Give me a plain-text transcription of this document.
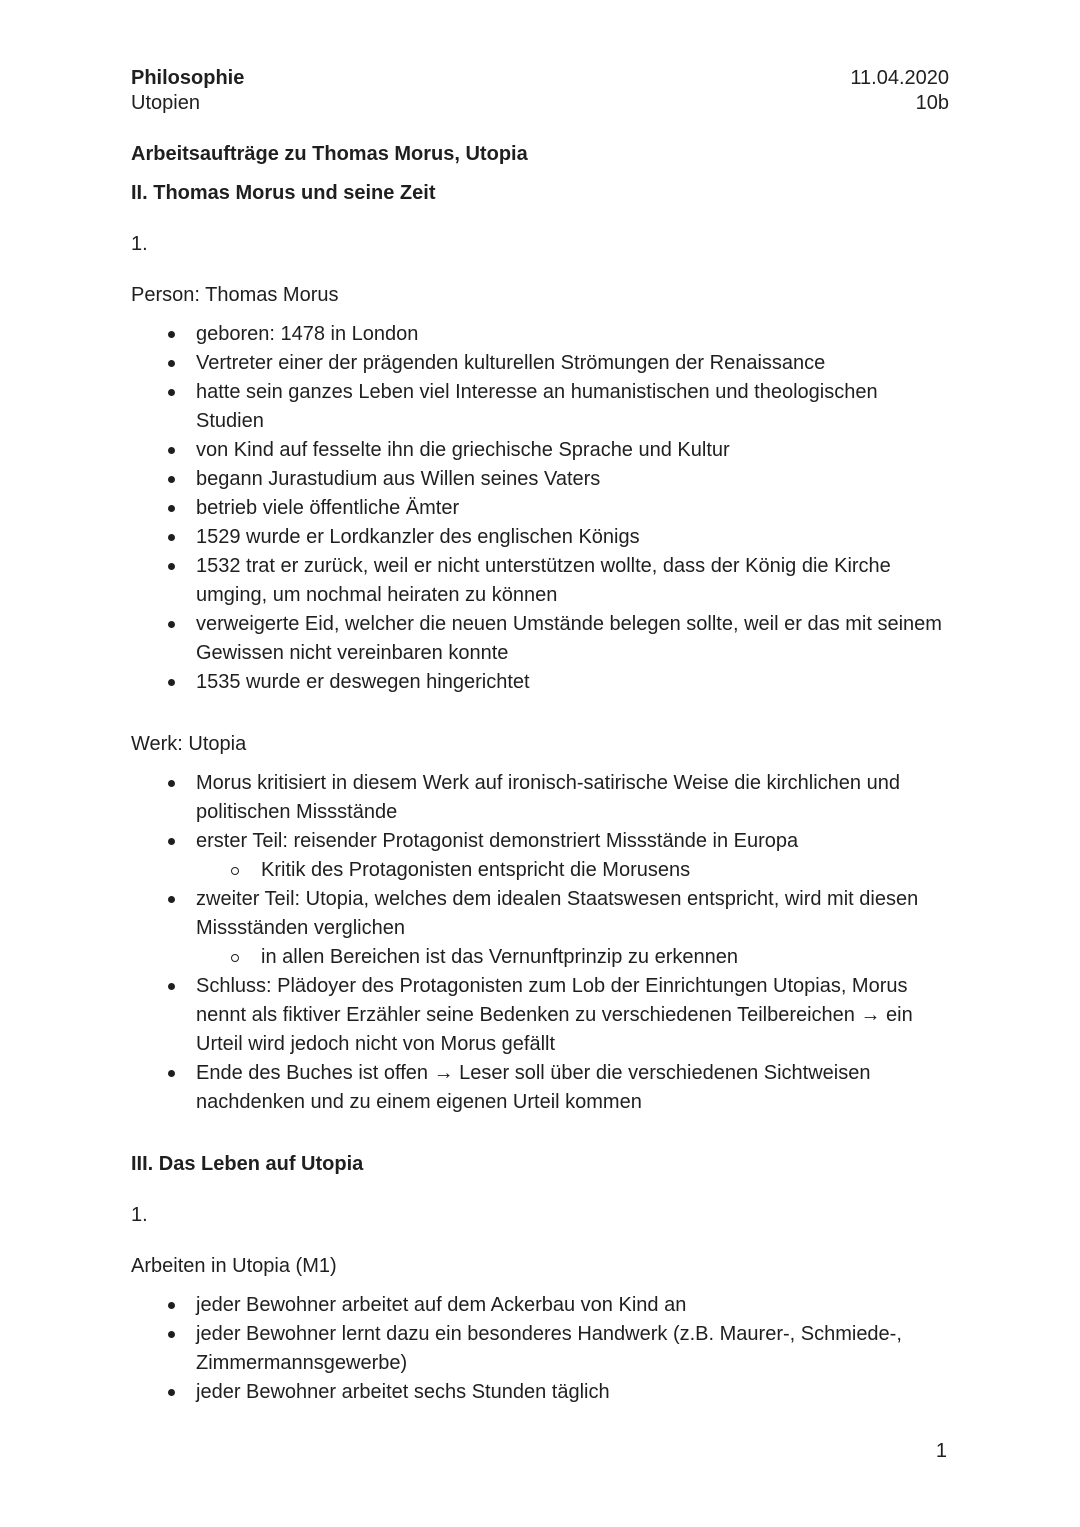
Philosophie	11.04.2020
Utopien	10b
Arbeitsaufträge zu Thomas Morus, Utopia
II. Thomas Morus und seine Zeit
1.
Person: Thomas Morus
geboren: 1478 in London
Vertreter einer der prägenden kulturellen Strömungen der Renaissance
hatte sein ganzes Leben viel Interesse an humanistischen und theologischen Studien
von Kind auf fesselte ihn die griechische Sprache und Kultur
begann Jurastudium aus Willen seines Vaters
betrieb viele öffentliche Ämter
1529 wurde er Lordkanzler des englischen Königs
1532 trat er zurück, weil er nicht unterstützen wollte, dass der König die Kirche umging, um nochmal heiraten zu können
verweigerte Eid, welcher die neuen Umstände belegen sollte, weil er das mit seinem Gewissen nicht vereinbaren konnte
1535 wurde er deswegen hingerichtet
Werk: Utopia
Morus kritisiert in diesem Werk auf ironisch-satirische Weise die kirchlichen und politischen Missstände
erster Teil: reisender Protagonist demonstriert Missstände in Europa
Kritik des Protagonisten entspricht die Morusens
zweiter Teil: Utopia, welches dem idealen Staatswesen entspricht, wird mit diesen Missständen verglichen
in allen Bereichen ist das Vernunftprinzip zu erkennen
Schluss: Plädoyer des Protagonisten zum Lob der Einrichtungen Utopias, Morus nennt als fiktiver Erzähler seine Bedenken zu verschiedenen Teilbereichen → ein Urteil wird jedoch nicht von Morus gefällt
Ende des Buches ist offen → Leser soll über die verschiedenen Sichtweisen nachdenken und zu einem eigenen Urteil kommen
III. Das Leben auf Utopia
1.
Arbeiten in Utopia (M1)
jeder Bewohner arbeitet auf dem Ackerbau von Kind an
jeder Bewohner lernt dazu ein besonderes Handwerk (z.B. Maurer-, Schmiede-, Zimmermannsgewerbe)
jeder Bewohner arbeitet sechs Stunden täglich
1
